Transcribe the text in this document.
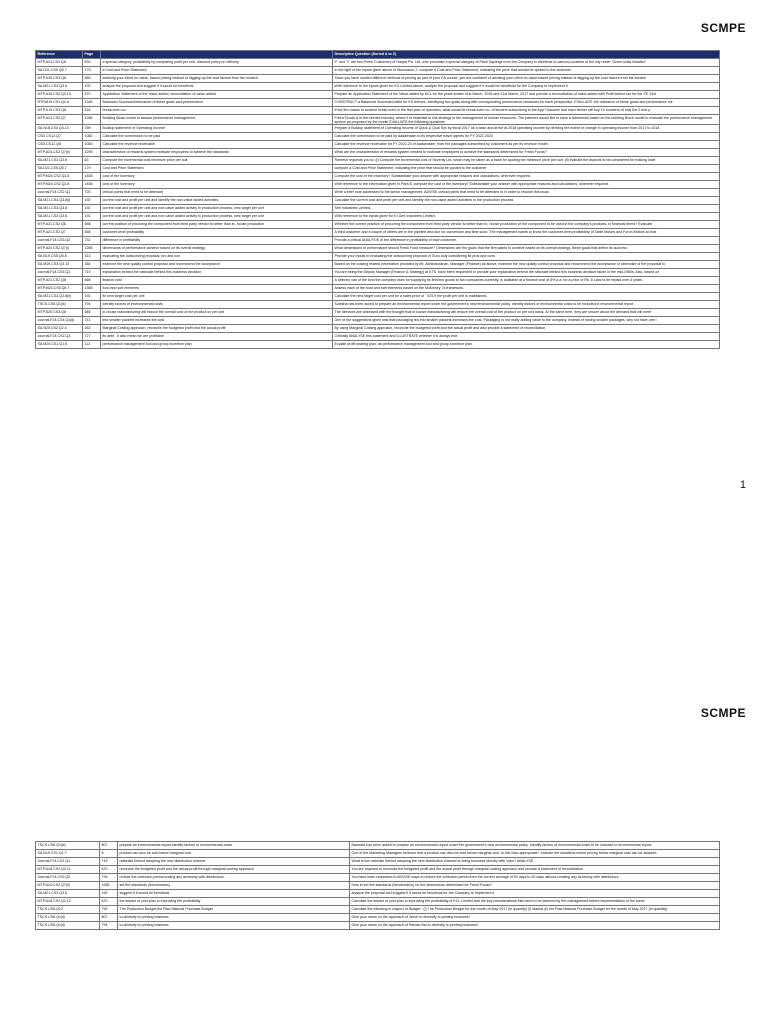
SCMPE
Reference	Page		Descriptive Question (Sorted A to Z)
MTP.A24.CS1.Q8	639	a special category, profitability by comparing profit per unit, discount policy on delivery	'F' and 'Y' are two Prime Customers of Harpal Pvt. Ltd. who purchase a special category of Plant Saplings from the Company to distribute to various societies of the city under 'Green India Initiative'
SA.D21.CS5.Q5.7	179	a Cost and Price Statement	In the light of the inputs given above in Discussion 2, compute a Cost and Price Statement, indicating the price that should be quoted to the customer
MTP.D20.CS3.Q6	585	advising your client on value- based pricing instead of digging-up the cost factors from the scratch.	Since you have studied different methods of pricing as part of your CA course, you are confident of advising your client on value-based pricing instead of digging-up the cost factors from the scratch
SA.M21.CS3.Q3.6	192	analyze the proposal and suggest if it would be beneficial	With reference to the inputs given for KG Limited above, analyze the proposal and suggest if it would be beneficial for the Company to implement it
MTP.A18.CS2.Q3.13	670	Application Statement of the Value added; reconciliation of value added	Prepare an Application Statement of the Value added by KCL for the years ended 31st March, 2018 and 31st March, 2017 and provide a reconciliation of value added with Profit before tax for the YE 31st
RTP.M19.CS1.Q1.6	1346	Balanced Scorecard/relevance of these goals and performance	CONSTRUCT a Balanced Scorecard table for KS Airlines, identifying two goals along with corresponding performance measures for each perspective. EVALUATE the relevance of these goals and performance me
MTP.D19.CS3.Q8	634	break-even no.	If the firm wants to achieve break even in the first year of operation, what would be break-even no. of farmers subscribing to the App? Assume that each farmer will buy 10 numbers of only the 2-test p
MTP.A24.CS2.Q7	1286	Building Block model to assess performance management	Fresh Foods is in the service industry, where it is essential to link strategy to the management of human resources. The partners would like to have a framework based on the building Block model to evaluate the performance management system as proposed by the model EVALUATE the following questions
SA.N18.CS4.Q3.13	298	Buildup statement of Operating Income	Prepare a Buildup statement of Operating Income of Quick & Qual Sys by fiscal 2017 as a base and arrive at 2018 operating income by deriving the extent of change in operating income from 2017 to 2018
CSD.CS12.Q7	1082	Calculate the commission to be paid	Calculate the commission to be paid by Aadarhaam to its respective travel agents for FY 2022-2023
CSD.CS12.Q8	1083	Calculate the revenue receivable	Calculate the revenue receivable for FY 2022-23 of Aadarhaam, from the packages subscribed by customers as per its revenue model.
MTP.A24.CS2.Q7(ii)	1295	characteristics of rewards system,motivate employees to achieve the standards	What are the characteristics of rewards system needed to motivate employees to achieve the standards determined for Fresh Foods?
SA.M21.CS3.Q3.8	63	Compute the incremental cost,minimum price per suit	Ramesh requests you to: (i) Compute the incremental cost of Seventy Ltd. which may be taken as a base for quoting the minimum price per suit. (ii) indicate the aspects to be considered for making lowe
SA.D21.CS5.Q5.7	179	Cost and Price Statement	compute a Cost and Price Statement, indicating the price that should be quoted to the customer
MTP.M24.CS2.Q2.8	1458	cost of the inventory	Compute the cost of the inventory? Substantiate your answer with appropriate reasons and calculations, wherever required.
MTP.M24.CS2.Q2.8	1458	cost of the inventory	With reference to the information given in Para 8, compute the cost of the inventory? Substantiate your answer with appropriate reasons and calculations, wherever required.
Journal.F24.CS2.Q1	725	critical points that need to be attended	Write a brief note addressed to the senior management, ADVISE critical points that need to be attended to in order to resolve this issue.
SA.M21.CS3.Q3.8(i)	192	current cost and profit per unit and identify the non-value added activities	Calculate the current cost and profit per unit and identify the non-value added activities in the production process
SA.M21.CS3.Q3.8	192	current cost and profit per unit and non-value added activity in production process, new target per unit	See Industries Limited,
SA.M21.CS3.Q3.8	192	current cost and profit per unit and non-value added activity in production process, new target per unit	With reference to the inputs given for KI Gee Industries Limited,
MTP.A21.CS2.Q6	568	current position of procuring the component from third party vendor is better than in- house production	Whether the current practice of procuring the component from third party vendor is better than in- house production of the component to be used in the company's products, in financial terms? Evaluate
MTP.A21.CS2.Q7	568	customer-level profitability	A third customer and a couple of others are in the pipeline and due for conversion any time soon. The management wants to know the customer-level profitability of Table Motors and Foron Motors so that
Journal.F24.CS3.Q2	731	difference in profitability	Provide a critical ANALYSIS of the difference in profitability of each customer.
MTP.A24.CS2.Q7(i)	1285	dimensions of performance,achieve based on its overall strategy,	What dimensions of performance should Fresh Food measure? Dimensions are the goals that the firm wants to achieve based on its overall strategy, these goals that define its success.
SA.N19.CS5.Q5.8	313	evaluating the outsourcing proposal, pro and con	Provide your inputs in evaluating the outsourcing proposal of Guru duly considering its pros and cons
SA.M19.CS3.Q3.13	354	examine the new quality control proposal and recommend the acceptance	Based on the costing related information provided by Mr. Abhinandanan, Manager (Finance) as above, examine the new quality control proposal and recommend the acceptance or otherwise of the proposal to
Journal.F24.CS3.Q1	719	explanation behind the rationale behind this business decision	You are being the Deputy Manager (Finance & Strategy) at KTS, have been requested to provide your explanation behind the rationale behind this business decision taken in the mid-1980s. Also, based on
MTP.A21.CS2.Q8	568	finance cost	A delivery van of the kind the company uses for supplying its finished goods to two companies currently, is available at a finance cost of 8% p.a. for a price of Rs. 6 Lacs to be repaid over 4 years.
MTP.M23.CS5.Q5.7	1365	food and soft elements	Assess each of the food and soft elements based on the McKinsey 7s framework.
SA.M21.CS3.Q3.8(ii)	192	fix new target cost per unit	Calculate the new target cost per unit for a sales price of ` 675 if the profit per unit is maintained.
TSCS.CS5.Q1(iii)	794	Identify factors of environmental costs	Sulekha has been asked to prepare an environmental report under the government's new environmental policy. Identify factors of environmental costs to be included in environmental report.
MTP.D20.CS3.Q8	585	in-house manufacturing will reduce the overall cost of the product on per unit	The directors are obsessed with the thought that in-house manufacturing will reduce the overall cost of the product on per unit basis. At the same time, they are unsure about the demand that will meet
Journal.F24.CS4.Q1(ii)	741	into smaller packets increases the cost	One of the suggestions given was that packaging tea into smaller packets increases the cost. Packaging is not really adding value to the company. Instead of having smaller packages, why not have one l
SA.N20.CS2.Q2.4	262	Marginal Costing approach, reconcile the budgeted profit and the actual profit	By using Marginal Costing approach, reconcile the budgeted profit and the actual profit and also provide a statement of reconciliation
Journal.F24.CS2.Q3	727	its debt , it also mean we are profitable	Critically ANALYSE this statement and ILLUSTRATE whether it is always true.
SA.M20.CS1.Q1.6	112	performance management tool and group incentive plan	Explain profit sharing plan, as performance management tool and group incentive plan.
1
SCMPE
TSCS.CS6.Q1(iii)	807	prepare an environmental report,identify factors of environmental costs	Namrata has been asked to prepare an environmental report under the government's new environmental policy. Identify factors of environmental costs to be included in environmental report.
SA.N19.CS1.Q1.7	6	product can also be sold below marginal cost	One of the Marketing Managers believes that a product can also be sold below marginal cost. Is this view appropriate? Indicate the situations where pricing below marginal cost can be adopted.
Journal.F24.CS1.Q1	715	rationale behind adopting the new distribution channel	What is the rationale behind adopting the new distribution channel of doing business directly with Voko? ANALYSE.
MTP.A18.CS2.Q2.11	670	reconcile the budgeted profit and the actual profit through marginal costing approach	You are required to reconcile the budgeted profit and the actual profit through marginal costing approach and provide a statement of reconciliation.
Journal.F24.CS2.Q2	726	reduce the collection period,ending any acrimony with distributors.	You have been requested to ADVISE ways to reduce the collection period from the current average of 50 days to 30 days without creating any acrimony with distributors.
MTP.A24.CS2.Q7(ii)	1285	set the standards (benchmarks)	How to set the standards (benchmarks) for the dimensions determined for Fresh Foods?
SA.M21.CS3.Q3.6	192	suggest if it would be beneficial	analyze the proposal and suggest if it would be beneficial for the Company to implement it
MTP.A18.CS2.Q2.12	670	the impact of your plan in improving the profitability	Calculate the impact of your plan in improving the profitability of KCL Limited and the key considerations that need to be factored by the management before implementation of the same.
TSCS.CS5.Q12	792	The Production Budget,the Raw Material Purchase Budget	Calculate the following in respect of Budget : (i) The Production Budget for the month of May 2017 (in quantity) (5 Marks) (ii) the Raw Material Purchase Budget for the month of May 2017 (in quantity)
TSCS.CS6.Q1(ii)	807	to diversify to printing business	Give your views on the approach of Jeevh to diversify to printing business?
TSCS.CS5.Q1(ii)	794	to diversify to printing business	Give your views on the approach of Raman Bai to diversify to printing business?
